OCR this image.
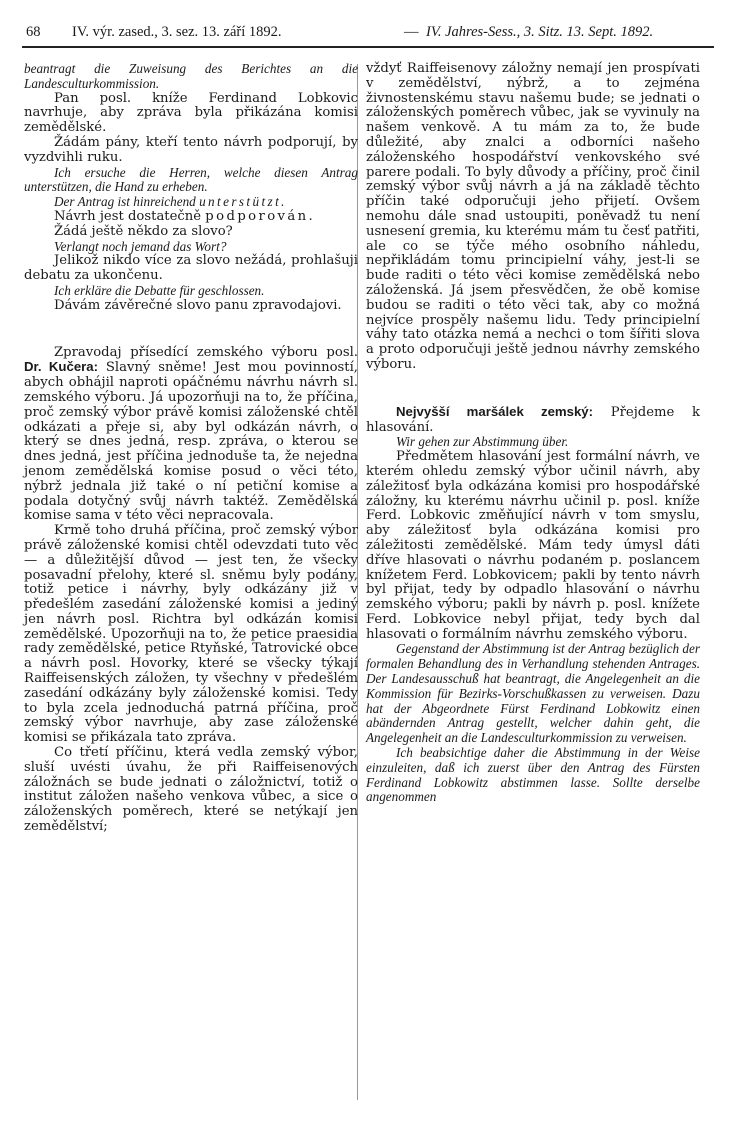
68 IV. výr. zased., 3. sez. 13. září 1892.	— IV. Jahres-Sess., 3. Sitz. 13. Sept. 1892.

beantragt die Zuweisung des Berichtes an die Landesculturkommission.

Pan posl. kníže Ferdinand Lobkovic navrhuje, aby zpráva byla přikázána komisi zemědělské.

Žádám pány, kteří tento návrh podporují, by vyzdvihli ruku.

Ich ersuche die Herren, welche diesen Antrag unterstützen, die Hand zu erheben.

Der Antrag ist hinreichend unterstützt.

Návrh jest dostatečně podporován.

Žádá ještě někdo za slovo?

Verlangt noch jemand das Wort?

Jelikož nikdo více za slovo nežádá, prohlašuji debatu za ukončenu.

Ich erkläre die Debatte für geschlossen.

Dávám závěrečné slovo panu zpravodajovi.

Zpravodaj přísedící zemského výboru posl. Dr. Kučera: Slavný sněme! Jest mou povinností, abych obhájil naproti opáčnému návrhu návrh sl. zemského výboru. Já upozorňuji na to, že příčina, proč zemský výbor právě komisi záloženské chtěl odkázati a přeje si, aby byl odkázán návrh, o který se dnes jedná, resp. zpráva, o kterou se dnes jedná, jest příčina jednoduše ta, že nejedna jenom zemědělská komise posud o věci této, nýbrž jednala již také o ní petiční komise a podala dotyčný svůj návrh taktéž. Zemědělská komise sama v této věci nepracovala.

Krmě toho druhá příčina, proč zemský výbor právě záloženské komisi chtěl odevzdati tuto věc — a důležitější důvod — jest ten, že všecky posavadní přelohy, které sl. sněmu byly podány, totiž petice i návrhy, byly odkázány již v předešlém zasedání záloženské komisi a jediný jen návrh posl. Richtra byl odkázán komisi zemědělské. Upozorňuji na to, že petice praesidia rady zemědělské, petice Rtyňské, Tatrovické obce a návrh posl. Hovorky, které se všecky týkají Raiffeisenských záložen, ty všechny v předešlém zasedání odkázány byly záloženské komisi. Tedy to byla zcela jednoduchá patrná příčina, proč zemský výbor navrhuje, aby zase záloženské komisi se přikázala tato zpráva.

Co třetí příčinu, která vedla zemský výbor, sluší uvésti úvahu, že při Raiffeisenových záložnách se bude jednati o záložnictví, totiž o institut záložen našeho venkova vůbec, a sice o záloženských poměrech, které se netýkají jen zemědělství;

vždyť Raiffeisenovy záložny nemají jen prospívati v zemědělství, nýbrž, a to zejména živnostenskému stavu našemu bude; se jednati o záloženských poměrech vůbec, jak se vyvinuly na našem venkově. A tu mám za to, že bude důležité, aby znalci a odborníci našeho záloženského hospodářství venkovského své parere podali. To byly důvody a příčiny, proč činil zemský výbor svůj návrh a já na základě těchto příčin také odporučuji jeho přijetí. Ovšem nemohu dále snad ustoupiti, poněvadž tu není usnesení gremia, ku kterému mám tu česť patřiti, ale co se týče mého osobního náhledu, nepřikládám tomu principielní váhy, jest-li se bude raditi o této věci komise zemědělská nebo záloženská. Já jsem přesvědčen, že obě komise budou se raditi o této věci tak, aby co možná nejvíce prospěly našemu lidu. Tedy principielní váhy tato otázka nemá a nechci o tom šířiti slova a proto odporučuji ještě jednou návrhy zemského výboru.

Nejvyšší maršálek zemský: Přejdeme k hlasování.

Wir gehen zur Abstimmung über.

Předmětem hlasování jest formální návrh, ve kterém ohledu zemský výbor učinil návrh, aby záležitosť byla odkázána komisi pro hospodářské záložny, ku kterému návrhu učinil p. posl. kníže Ferd. Lobkovic změňující návrh v tom smyslu, aby záležitosť byla odkázána komisi pro záležitosti zemědělské. Mám tedy úmysl dáti dříve hlasovati o návrhu podaném p. poslancem knížetem Ferd. Lobkovicem; pakli by tento návrh byl přijat, tedy by odpadlo hlasování o návrhu zemského výboru; pakli by návrh p. posl. knížete Ferd. Lobkovice nebyl přijat, tedy bych dal hlasovati o formálním návrhu zemského výboru.

Gegenstand der Abstimmung ist der Antrag bezüglich der formalen Behandlung des in Verhandlung stehenden Antrages. Der Landesausschuß hat beantragt, die Angelegenheit an die Kommission für Bezirks-Vorschußkassen zu verweisen. Dazu hat der Abgeordnete Fürst Ferdinand Lobkowitz einen abändernden Antrag gestellt, welcher dahin geht, die Angelegenheit an die Landesculturkommission zu verweisen.

Ich beabsichtige daher die Abstimmung in der Weise einzuleiten, daß ich zuerst über den Antrag des Fürsten Ferdinand Lobkowitz abstimmen lasse. Sollte derselbe angenommen
